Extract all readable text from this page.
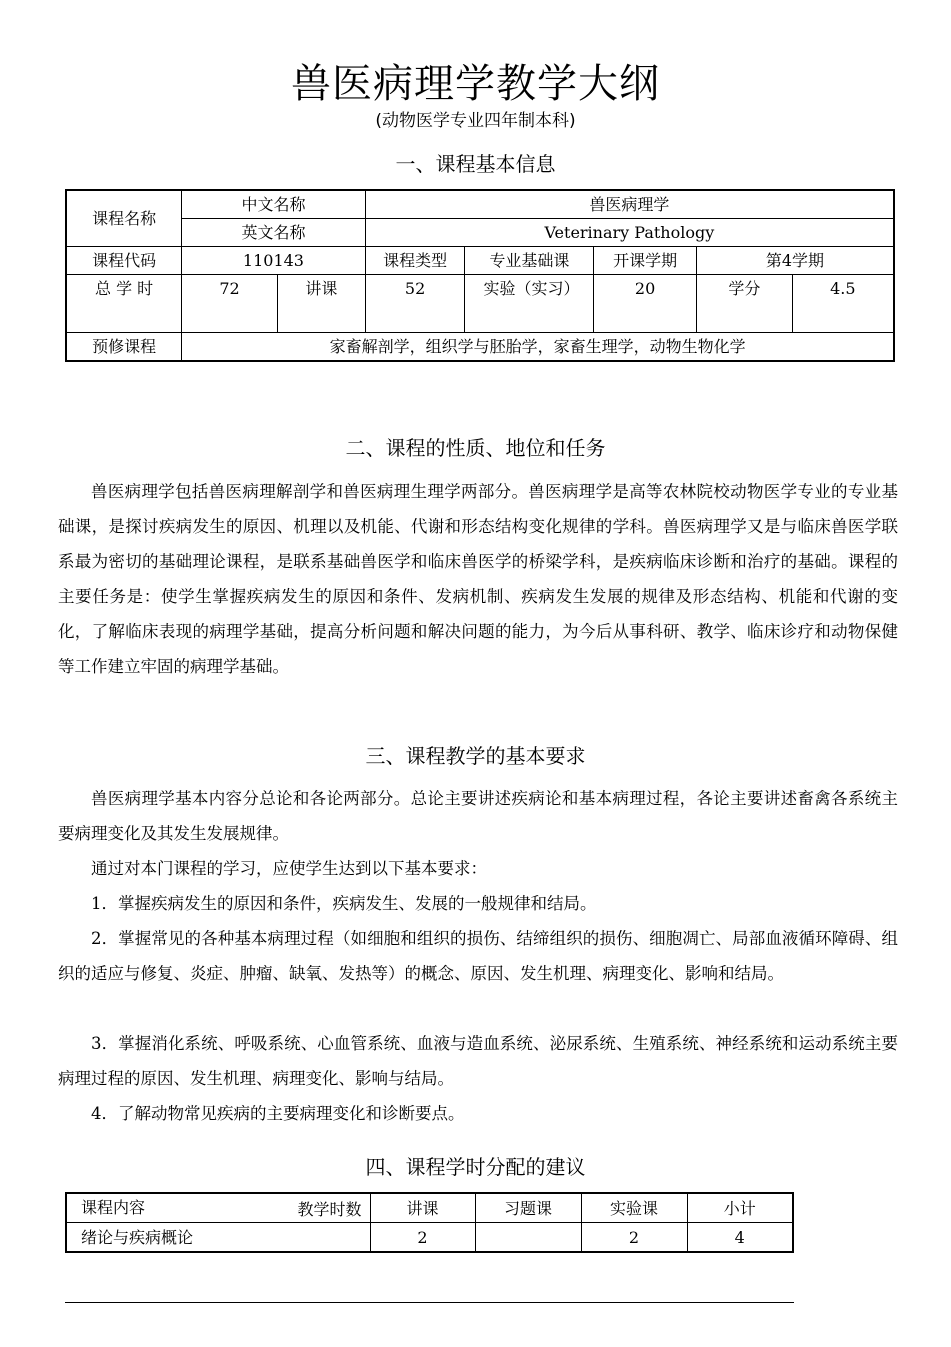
兽医病理学教学大纲
(动物医学专业四年制本科)
一、课程基本信息
课程名称	中文名称		兽医病理学				
	英文名称		Veterinary Pathology				
课程代码	110143		课程类型	专业基础课	开课学期	第4学期	
总 学 时	72	讲课	52	实验（实习）	20	学分	4.5
预修课程	家畜解剖学，组织学与胚胎学，家畜生理学，动物生物化学						
二、课程的性质、地位和任务

兽医病理学包括兽医病理解剖学和兽医病理生理学两部分。兽医病理学是高等农林院校动物医学专业的专业基础课，是探讨疾病发生的原因、机理以及机能、代谢和形态结构变化规律的学科。兽医病理学又是与临床兽医学联系最为密切的基础理论课程，是联系基础兽医学和临床兽医学的桥梁学科，是疾病临床诊断和治疗的基础。课程的主要任务是：使学生掌握疾病发生的原因和条件、发病机制、疾病发生发展的规律及形态结构、机能和代谢的变化，了解临床表现的病理学基础，提高分析问题和解决问题的能力，为今后从事科研、教学、临床诊疗和动物保健等工作建立牢固的病理学基础。

三、课程教学的基本要求

兽医病理学基本内容分总论和各论两部分。总论主要讲述疾病论和基本病理过程，各论主要讲述畜禽各系统主要病理变化及其发生发展规律。

通过对本门课程的学习，应使学生达到以下基本要求：

1．掌握疾病发生的原因和条件，疾病发生、发展的一般规律和结局。

2．掌握常见的各种基本病理过程（如细胞和组织的损伤、结缔组织的损伤、细胞凋亡、局部血液循环障碍、组织的适应与修复、炎症、肿瘤、缺氧、发热等）的概念、原因、发生机理、病理变化、影响和结局。

3．掌握消化系统、呼吸系统、心血管系统、血液与造血系统、泌尿系统、生殖系统、神经系统和运动系统主要病理过程的原因、发生机理、病理变化、影响与结局。

4．了解动物常见疾病的主要病理变化和诊断要点。

四、课程学时分配的建议
教学时数
课程内容	讲课	习题课	实验课	小计
绪论与疾病概论	2		2	4
